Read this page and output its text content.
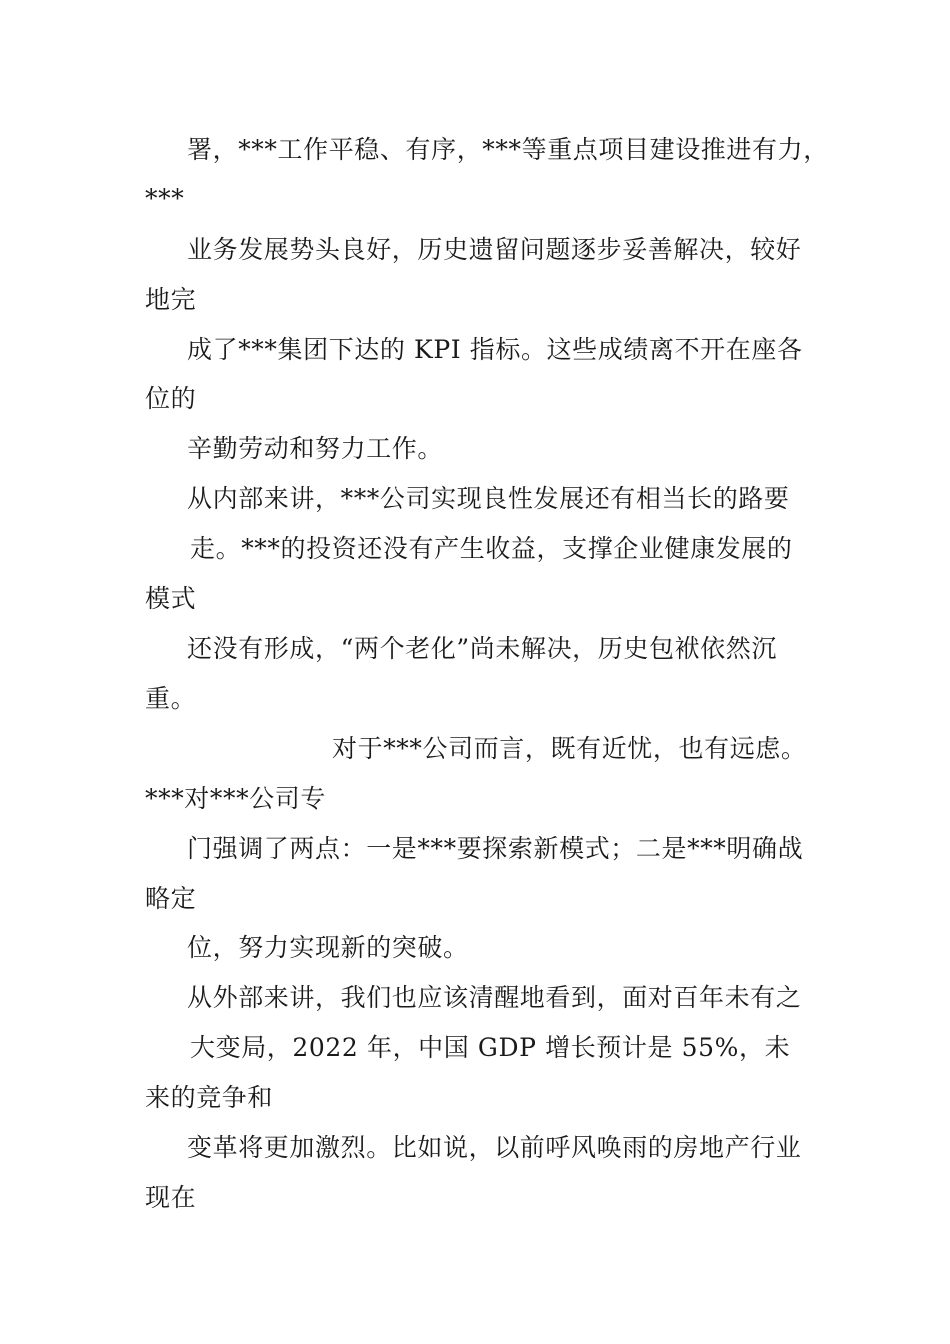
署，***工作平稳、有序，***等重点项目建设推进有力，
***
业务发展势头良好，历史遗留问题逐步妥善解决，较好
地完
成了***集团下达的 KPI 指标。这些成绩离不开在座各
位的
辛勤劳动和努力工作。
从内部来讲，***公司实现良性发展还有相当长的路要
走。***的投资还没有产生收益，支撑企业健康发展的
模式
还没有形成，“两个老化”尚未解决，历史包袱依然沉
重。
对于***公司而言，既有近忧，也有远虑。
***对***公司专
门强调了两点：一是***要探索新模式；二是***明确战
略定
位，努力实现新的突破。
从外部来讲，我们也应该清醒地看到，面对百年未有之
大变局，2022 年，中国 GDP 增长预计是 55%，未
来的竞争和
变革将更加激烈。比如说，以前呼风唤雨的房地产行业
现在
